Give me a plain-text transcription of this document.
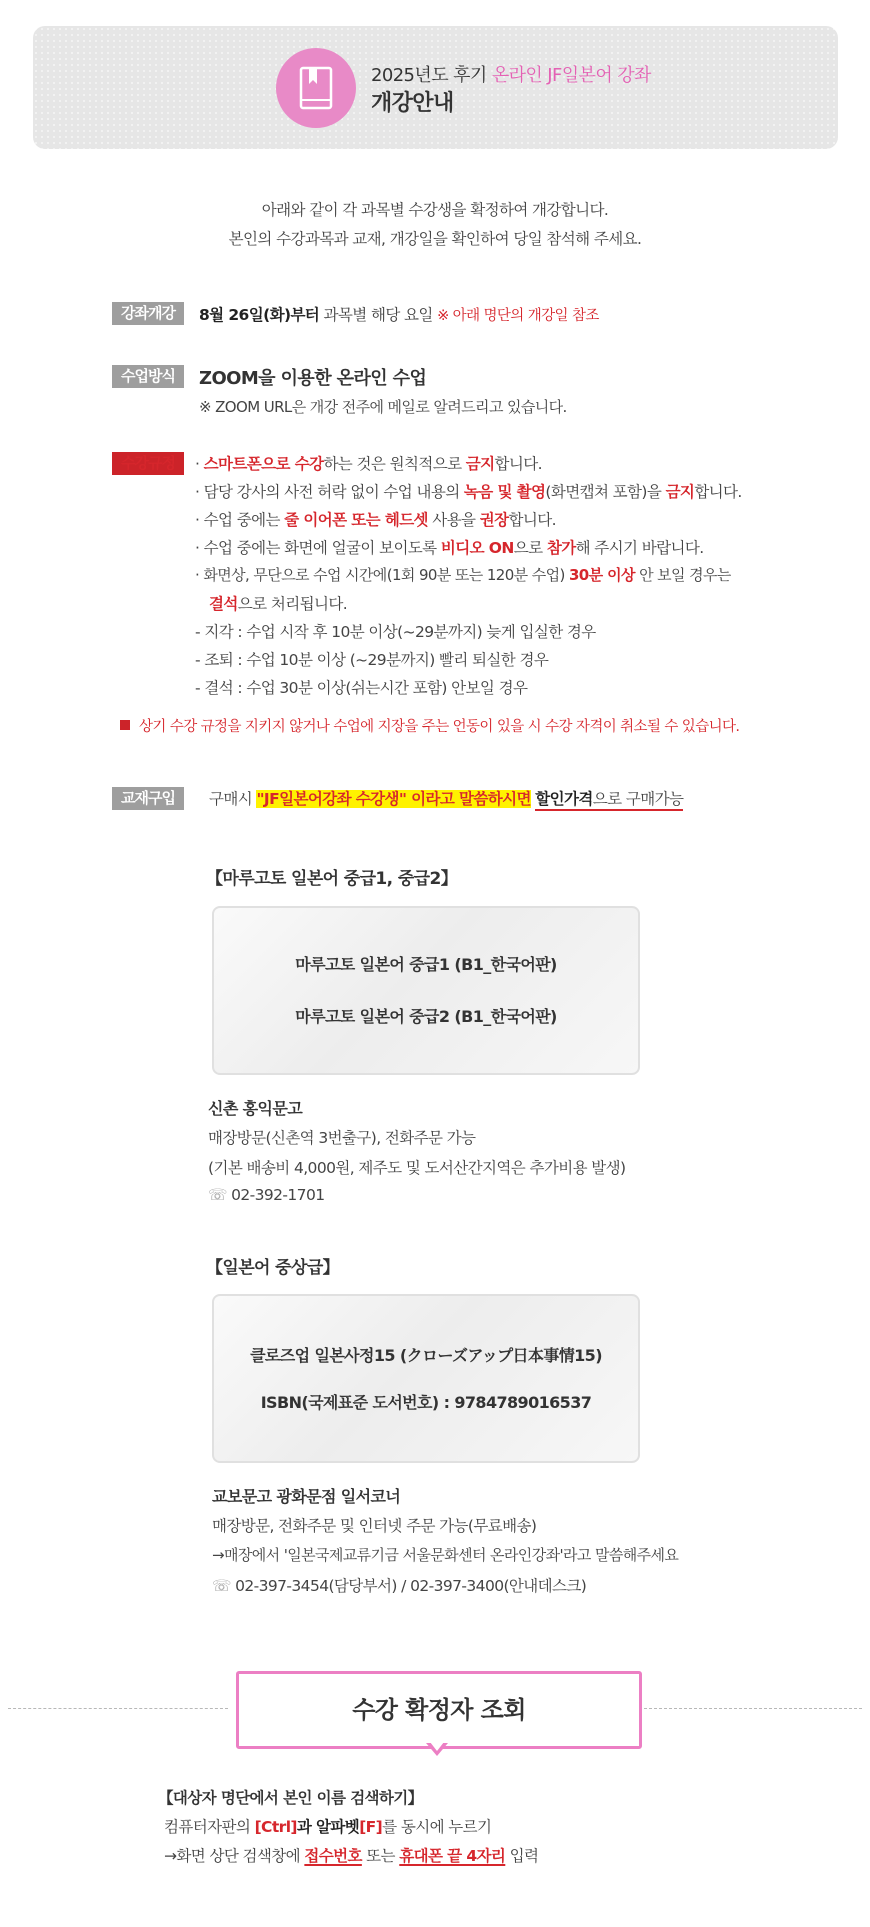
2025년도 후기 온라인 JF일본어 강좌
개강안내
아래와 같이 각 과목별 수강생을 확정하여 개강합니다.
본인의 수강과목과 교재, 개강일을 확인하여 당일 참석해 주세요.
강좌개강	8월 26일(화)부터 과목별 해당 요일 ※ 아래 명단의 개강일 참조
수업방식	ZOOM을 이용한 온라인 수업
※ ZOOM URL은 개강 전주에 메일로 알려드리고 있습니다.
수강규정	· 스마트폰으로 수강하는 것은 원칙적으로 금지합니다.
· 담당 강사의 사전 허락 없이 수업 내용의 녹음 및 촬영(화면캡쳐 포함)을 금지합니다.
· 수업 중에는 줄 이어폰 또는 헤드셋 사용을 권장합니다.
· 수업 중에는 화면에 얼굴이 보이도록 비디오 ON으로 참가해 주시기 바랍니다.
· 화면상, 무단으로 수업 시간에(1회 90분 또는 120분 수업) 30분 이상 안 보일 경우는
결석으로 처리됩니다.
- 지각 : 수업 시작 후 10분 이상(~29분까지) 늦게 입실한 경우
- 조퇴 : 수업 10분 이상 (~29분까지) 빨리 퇴실한 경우
- 결석 : 수업 30분 이상(쉬는시간 포함) 안보일 경우
상기 수강 규정을 지키지 않거나 수업에 지장을 주는 언동이 있을 시 수강 자격이 취소될 수 있습니다.
교재구입	구매시 "JF일본어강좌 수강생" 이라고 말씀하시면 할인가격으로 구매가능
【마루고토 일본어 중급1, 중급2】
마루고토 일본어 중급1 (B1_한국어판)
마루고토 일본어 중급2 (B1_한국어판)
신촌 홍익문고
매장방문(신촌역 3번출구), 전화주문 가능
(기본 배송비 4,000원, 제주도 및 도서산간지역은 추가비용 발생)
☏ 02-392-1701
【일본어 중상급】
클로즈업 일본사정15 (クローズアップ日本事情15)
ISBN(국제표준 도서번호) : 9784789016537
교보문고 광화문점 일서코너
매장방문, 전화주문 및 인터넷 주문 가능(무료배송)
→매장에서 '일본국제교류기금 서울문화센터 온라인강좌'라고 말씀해주세요
☏ 02-397-3454(담당부서) / 02-397-3400(안내데스크)
수강 확정자 조회
【대상자 명단에서 본인 이름 검색하기】
컴퓨터자판의 [Ctrl]과 알파벳[F]를 동시에 누르기
→화면 상단 검색창에 접수번호 또는 휴대폰 끝 4자리 입력
